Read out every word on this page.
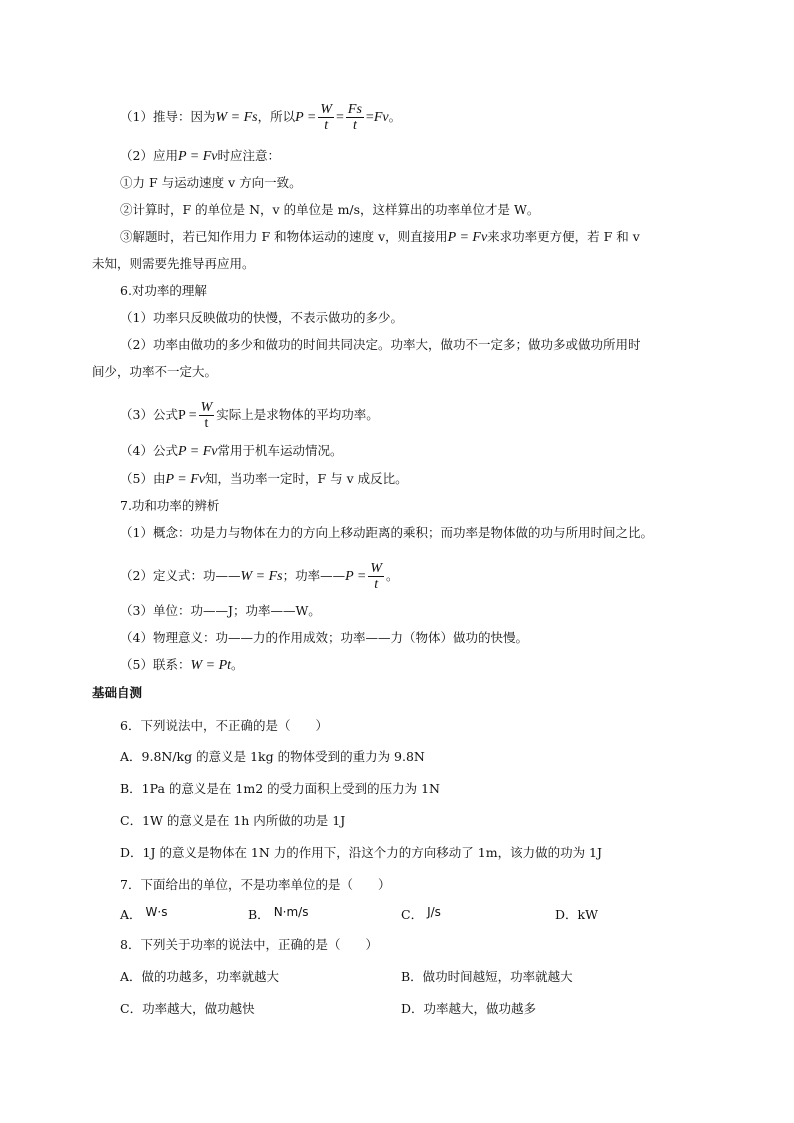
（1）推导：因为W = Fs，所以$P = \frac{W}{t} = \frac{Fs}{t} =Fv$。
（2）应用P = Fv时应注意：
①力 F 与运动速度 v 方向一致。
②计算时，F 的单位是 N，v 的单位是 m/s，这样算出的功率单位才是 W。
③解题时，若已知作用力 F 和物体运动的速度 v，则直接用P = Fv来求功率更方便，若 F 和 v
未知，则需要先推导再应用。
6.对功率的理解
（1）功率只反映做功的快慢，不表示做功的多少。
（2）功率由做功的多少和做功的时间共同决定。功率大，做功不一定多；做功多或做功所用时
间少，功率不一定大。
（3）公式$P = \frac{W}{t}$ 实际上是求物体的平均功率。
（4）公式P = Fv常用于机车运动情况。
（5）由P = Fv知，当功率一定时，F 与 v 成反比。
7.功和功率的辨析
（1）概念：功是力与物体在力的方向上移动距离的乘积；而功率是物体做的功与所用时间之比。
（2）定义式：功——W = Fs；功率——P = $\frac{W}{t}$ 。
（3）单位：功——J；功率——W。
（4）物理意义：功——力的作用成效；功率——力（物体）做功的快慢。
（5）联系：W = Pt。
基础自测
6．下列说法中，不正确的是（　　）
A．9.8N/kg 的意义是 1kg 的物体受到的重力为 9.8N
B．1Pa 的意义是在 1m2 的受力面积上受到的压力为 1N
C．1W 的意义是在 1h 内所做的功是 1J
D．1J 的意义是物体在 1N 力的作用下，沿这个力的方向移动了 1m，该力做的功为 1J
7．下面给出的单位，不是功率单位的是（　　）
A． W·s	B． N·m/s	C． J/s	D．kW
8．下列关于功率的说法中，正确的是（　　）
A．做的功越多，功率就越大	B．做功时间越短，功率就越大
C．功率越大，做功越快	D．功率越大，做功越多
